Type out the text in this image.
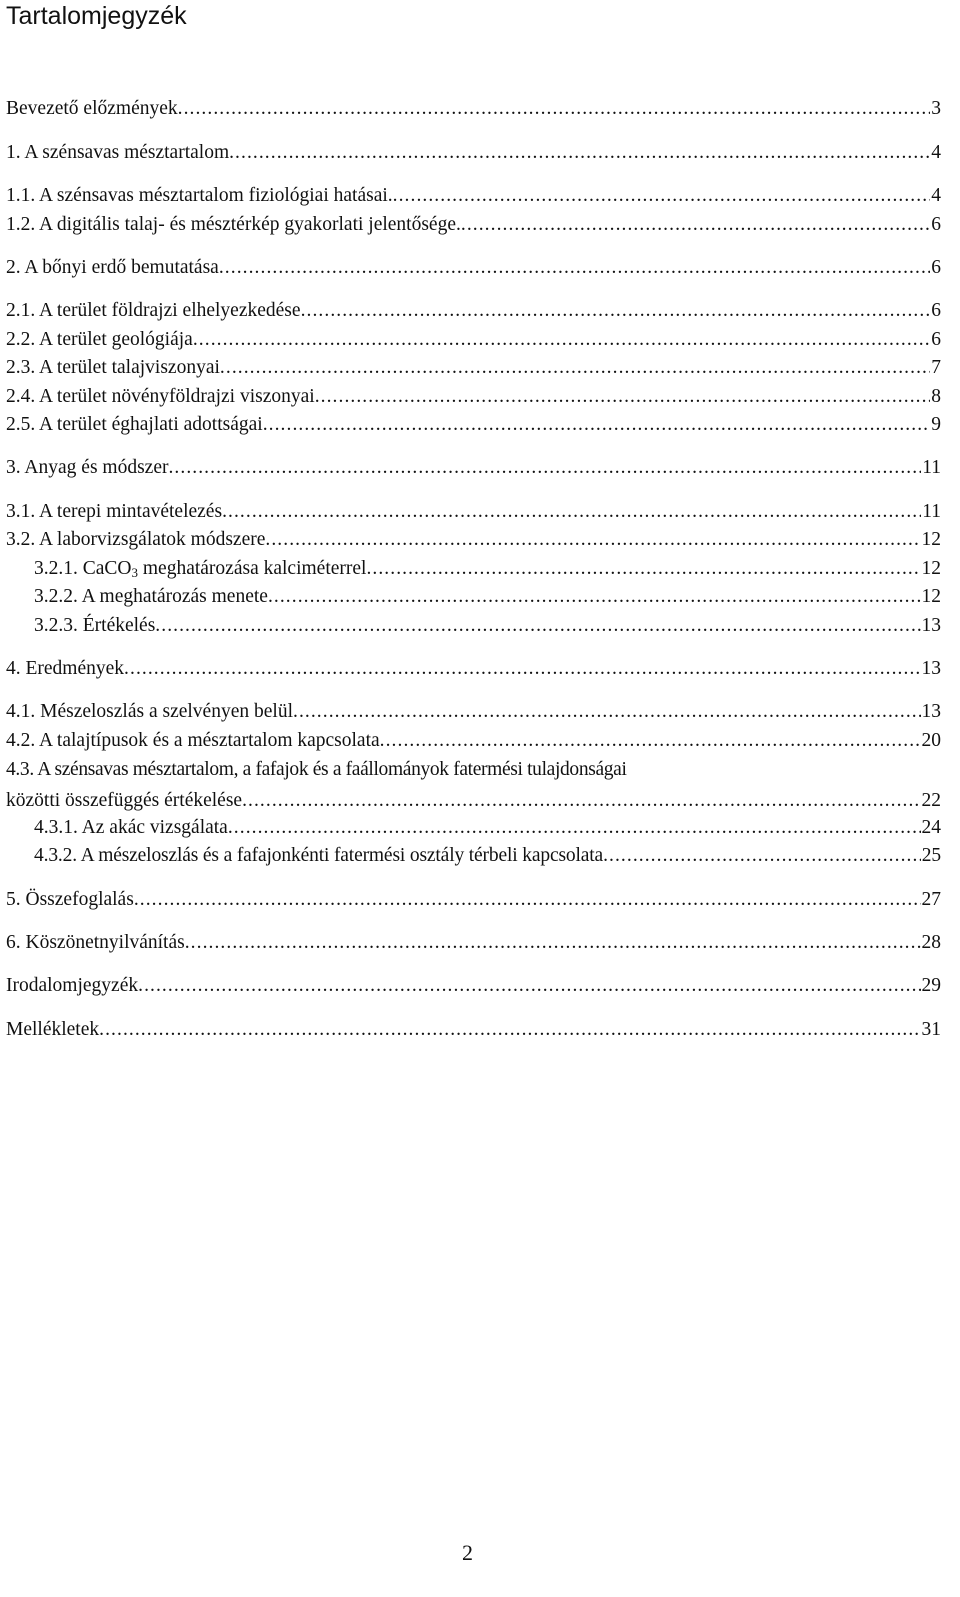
Tartalomjegyzék
Bevezető előzmények . . .	3
1. A szénsavas mésztartalom . . .	4
1.1. A szénsavas mésztartalom fiziológiai hatásai. . . .	4
1.2. A digitális talaj- és mésztérkép gyakorlati jelentősége. . . .	6
2. A bőnyi erdő bemutatása . . .	6
2.1. A terület földrajzi elhelyezkedése . . .	6
2.2. A terület geológiája . . .	6
2.3. A terület talajviszonyai . . .	7
2.4. A terület növényföldrajzi viszonyai . . .	8
2.5. A terület éghajlati adottságai . . .	9
3. Anyag és módszer . . .	11
3.1. A terepi mintavételezés . . .	11
3.2. A laborvizsgálatok módszere . . .	12
3.2.1. CaCO$_3$ meghatározása kalciméterrel . . .	12
3.2.2. A meghatározás menete . . .	12
3.2.3. Értékelés . . .	13
4. Eredmények . . .	13
4.1. Mészeloszlás a szelvényen belül . . .	13
4.2. A talajtípusok és a mésztartalom kapcsolata . . .	20
4.3. A szénsavas mésztartalom, a fafajok és a faállományok fatermési tulajdonságai
közötti összefüggés értékelése . . .	22
4.3.1. Az akác vizsgálata . . .	24
4.3.2. A mészeloszlás és a fafajonkénti fatermési osztály térbeli kapcsolata . . .	25
5. Összefoglalás . . .	27
6. Köszönetnyilvánítás . . .	28
Irodalomjegyzék . . .	29
Mellékletek . . .	31
2
